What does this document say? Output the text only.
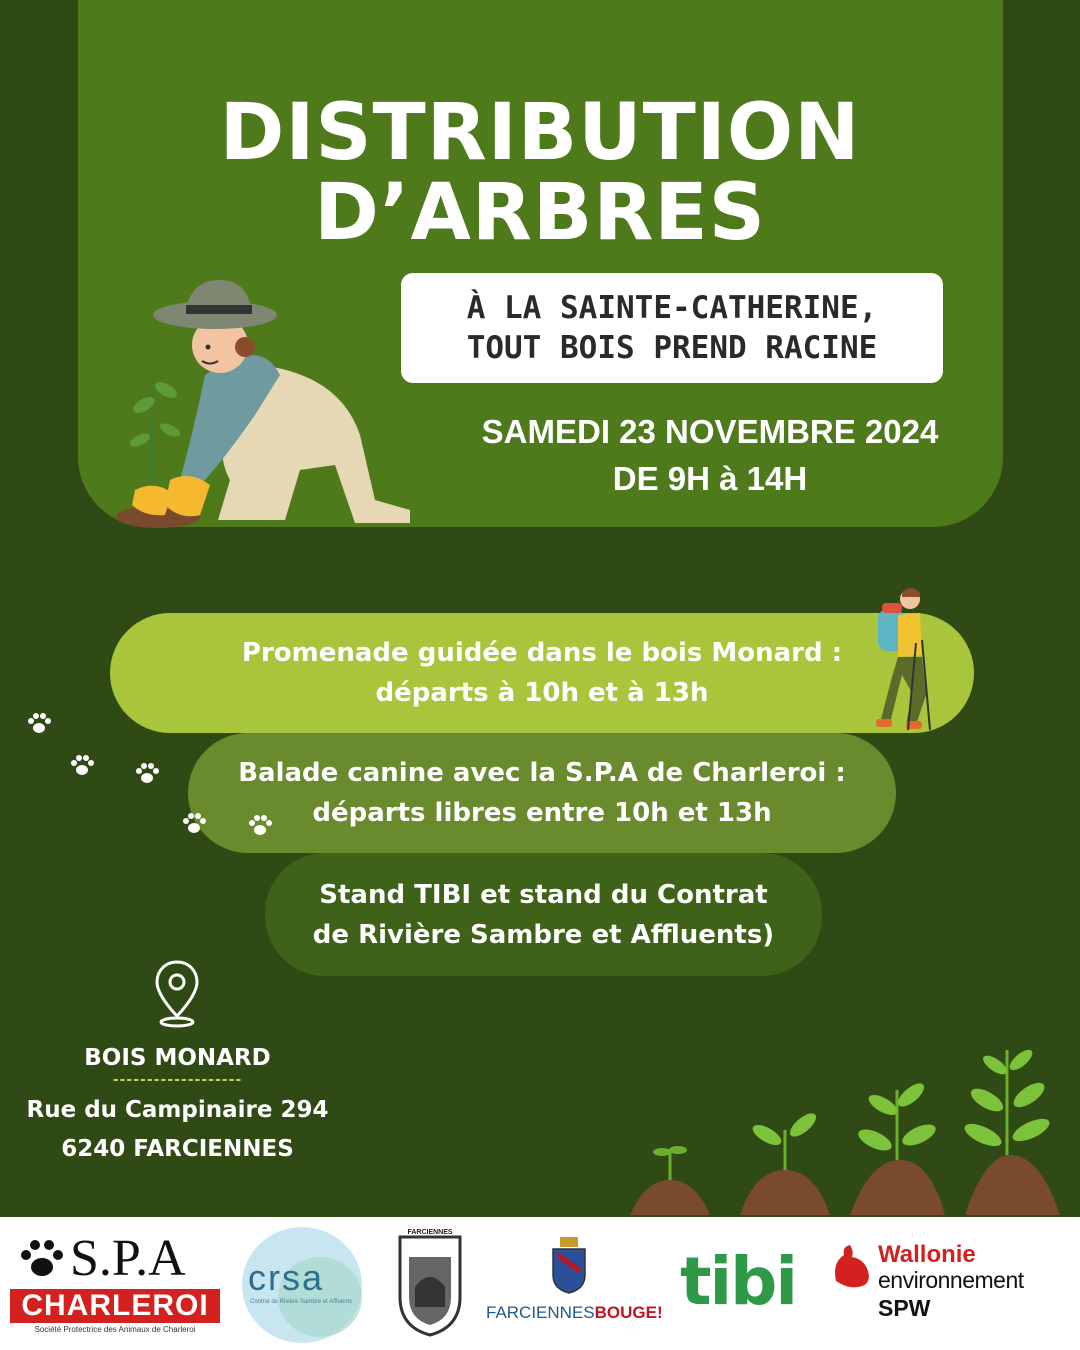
DISTRIBUTION
D’ARBRES
À LA SAINTE-CATHERINE,
TOUT BOIS PREND RACINE
SAMEDI 23 NOVEMBRE 2024
DE 9H à 14H
Promenade guidée dans le bois Monard :
départs à 10h et à 13h
Balade canine avec la S.P.A de Charleroi :
départs libres entre 10h et 13h
Stand TIBI et stand du Contrat
de Rivière Sambre et Affluents)
BOIS MONARD
-------------------
Rue du Campinaire 294
6240 FARCIENNES
S.P.A
CHARLEROI
Société Protectrice des Animaux de Charleroi
crsa
Contrat de Rivière Sambre et Affluents
FARCIENNES
FARCIENNESBOUGE! tibi	Wallonie
environnement
SPW
